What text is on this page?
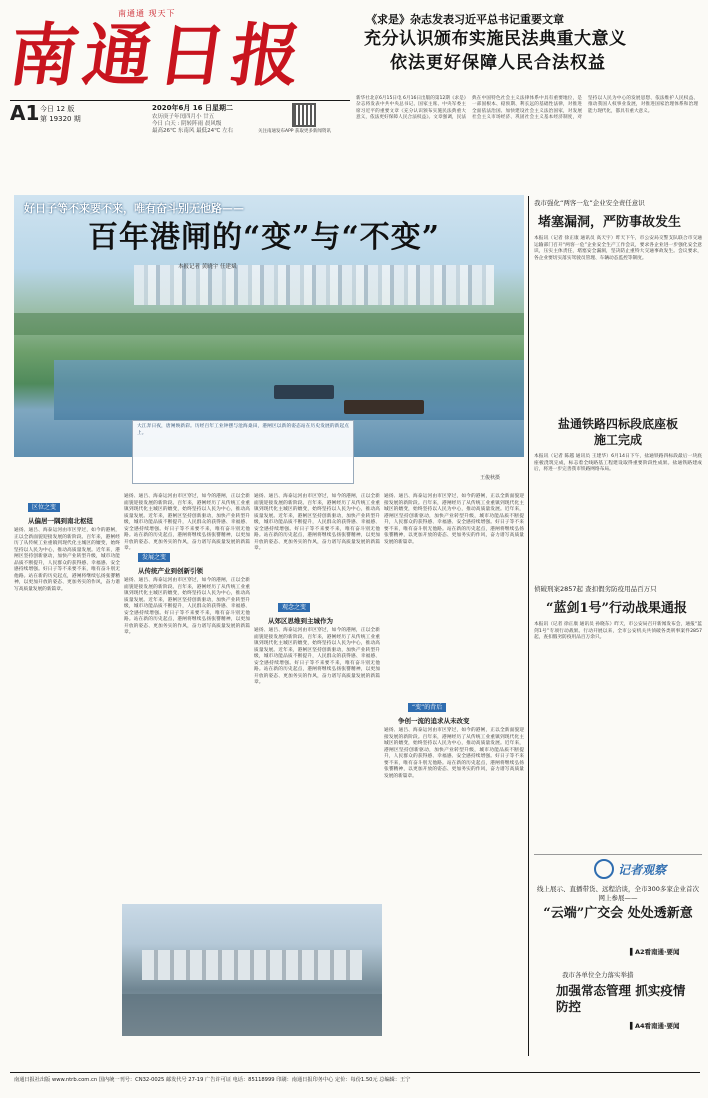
南通通 现天下
南通日报
A1 今日 12 版
第 19320 期
2020年6月 16 日星期二
农历庚子年闰四月小 廿五
今日 白天 : 阴转阵雨 晨风级
最高26℃ 东南风 最低24℃ 左右	关注南通发布APP 获取更多新闻资讯
《求是》杂志发表习近平总书记重要文章
充分认识颁布实施民法典重大意义
依法更好保障人民合法权益
新华社北京6月15日电 6月16日出版的第12期《求是》杂志将发表中共中央总书记、国家主席、中央军委主席习近平的重要文章《充分认识颁布实施民法典重大意义，依法更好保障人民合法权益》。文章强调，民法典在中国特色社会主义法律体系中具有重要地位，是一部固根本、稳预期、利长远的基础性法律，对推进全面依法治国、加快建设社会主义法治国家，对发展社会主义市场经济、巩固社会主义基本经济制度，对坚持以人民为中心的发展思想、依法维护人民权益、推动我国人权事业发展，对推进国家治理体系和治理能力现代化，都具有重大意义。
好日子等不来要不来，唯有奋斗别无他路——
百年港闸的“变”与“不变”
本报记者 黄晓宇 任建斌
大江奔日夜，唐闸焕新彩。历经百年工业钟摆与沧海桑田，港闸区以新的姿态站在历史发展的新起点上。
王俊秋摄
区位之变
从偏居一隅到南北枢纽
通扬、通吕、海泰运河由市区穿过，如今的港闸，正以全新面貌迎接发展的新阶段。百年来，港闸经历了从传统工业重镇到现代化主城区的嬗变，始终坚持以人民为中心，推动高质量发展。近年来，港闸区坚持创新驱动，加快产业转型升级，城市功能品质不断提升，人民群众的获得感、幸福感、安全感持续增强。好日子等不来要不来，唯有奋斗别无他路。站在新的历史起点，港闸将继续弘扬张謇精神，以更加开放的姿态、更加务实的作风，奋力谱写高质量发展的新篇章。
通扬、通吕、海泰运河由市区穿过，如今的港闸，正以全新面貌迎接发展的新阶段。百年来，港闸经历了从传统工业重镇到现代化主城区的嬗变，始终坚持以人民为中心，推动高质量发展。近年来，港闸区坚持创新驱动，加快产业转型升级，城市功能品质不断提升，人民群众的获得感、幸福感、安全感持续增强。好日子等不来要不来，唯有奋斗别无他路。站在新的历史起点，港闸将继续弘扬张謇精神，以更加开放的姿态、更加务实的作风，奋力谱写高质量发展的新篇章。
发展之变
从传统产业到创新引领
通扬、通吕、海泰运河由市区穿过，如今的港闸，正以全新面貌迎接发展的新阶段。百年来，港闸经历了从传统工业重镇到现代化主城区的嬗变，始终坚持以人民为中心，推动高质量发展。近年来，港闸区坚持创新驱动，加快产业转型升级，城市功能品质不断提升，人民群众的获得感、幸福感、安全感持续增强。好日子等不来要不来，唯有奋斗别无他路。站在新的历史起点，港闸将继续弘扬张謇精神，以更加开放的姿态、更加务实的作风，奋力谱写高质量发展的新篇章。
通扬、通吕、海泰运河由市区穿过，如今的港闸，正以全新面貌迎接发展的新阶段。百年来，港闸经历了从传统工业重镇到现代化主城区的嬗变，始终坚持以人民为中心，推动高质量发展。近年来，港闸区坚持创新驱动，加快产业转型升级，城市功能品质不断提升，人民群众的获得感、幸福感、安全感持续增强。好日子等不来要不来，唯有奋斗别无他路。站在新的历史起点，港闸将继续弘扬张謇精神，以更加开放的姿态、更加务实的作风，奋力谱写高质量发展的新篇章。
观念之变
从郊区思维到主城作为
通扬、通吕、海泰运河由市区穿过，如今的港闸，正以全新面貌迎接发展的新阶段。百年来，港闸经历了从传统工业重镇到现代化主城区的嬗变，始终坚持以人民为中心，推动高质量发展。近年来，港闸区坚持创新驱动，加快产业转型升级，城市功能品质不断提升，人民群众的获得感、幸福感、安全感持续增强。好日子等不来要不来，唯有奋斗别无他路。站在新的历史起点，港闸将继续弘扬张謇精神，以更加开放的姿态、更加务实的作风，奋力谱写高质量发展的新篇章。
通扬、通吕、海泰运河由市区穿过，如今的港闸，正以全新面貌迎接发展的新阶段。百年来，港闸经历了从传统工业重镇到现代化主城区的嬗变，始终坚持以人民为中心，推动高质量发展。近年来，港闸区坚持创新驱动，加快产业转型升级，城市功能品质不断提升，人民群众的获得感、幸福感、安全感持续增强。好日子等不来要不来，唯有奋斗别无他路。站在新的历史起点，港闸将继续弘扬张謇精神，以更加开放的姿态、更加务实的作风，奋力谱写高质量发展的新篇章。
“变”的背后
争创一流的追求从未改变
通扬、通吕、海泰运河由市区穿过，如今的港闸，正以全新面貌迎接发展的新阶段。百年来，港闸经历了从传统工业重镇到现代化主城区的嬗变，始终坚持以人民为中心，推动高质量发展。近年来，港闸区坚持创新驱动，加快产业转型升级，城市功能品质不断提升，人民群众的获得感、幸福感、安全感持续增强。好日子等不来要不来，唯有奋斗别无他路。站在新的历史起点，港闸将继续弘扬张謇精神，以更加开放的姿态、更加务实的作风，奋力谱写高质量发展的新篇章。
我市强化“两客一危”企业安全责任意识
堵塞漏洞，严防事故发生
本报讯（记者 徐正康 通讯员 高天宇）昨天下午，市公安局交警支队联合市交通运输部门召开“两客一危”企业安全生产工作会议，要求各企业进一步强化安全意识，压实主体责任，堵塞安全漏洞，坚决防止重特大交通事故发生。会议要求，各企业要切实落实驾驶员管理、车辆动态监控等制度。
盐通铁路四标段底座板施工完成
本报讯（记者 陈越 通讯员 王建华）6月14日下午，盐通铁路四标段最后一块底座板浇筑完成，标志着全线路基工程建设取得重要阶段性成果。盐通铁路建成后，将进一步完善我市铁路网络布局。
侦破刑案2857起 查扣假劣防疫用品百万只
“蓝剑1号”行动战果通报
本报讯（记者 徐正康 通讯员 孙晓东）昨天，市公安局召开新闻发布会，通报“蓝剑1号”专项行动战果。行动开展以来，全市公安机关共侦破各类刑事案件2857起，查扣假劣防疫用品百万余只。
记者观察
线上展示、直播带货、远程洽谈，全市300多家企业首次网上参展——
“云端”广交会 处处透新意
▌A2看南通·要闻
我市各单位全力落实举措
加强常态管理 抓实疫情防控
▌A4看南通·要闻
南通日报社出版 www.ntrb.com.cn 国内统一刊号：CN32-0025 邮发代号 27-19 广告许可证 电话：85118999 印刷：南通日报印务中心 定价：每份1.50元 总编辑：王宁
